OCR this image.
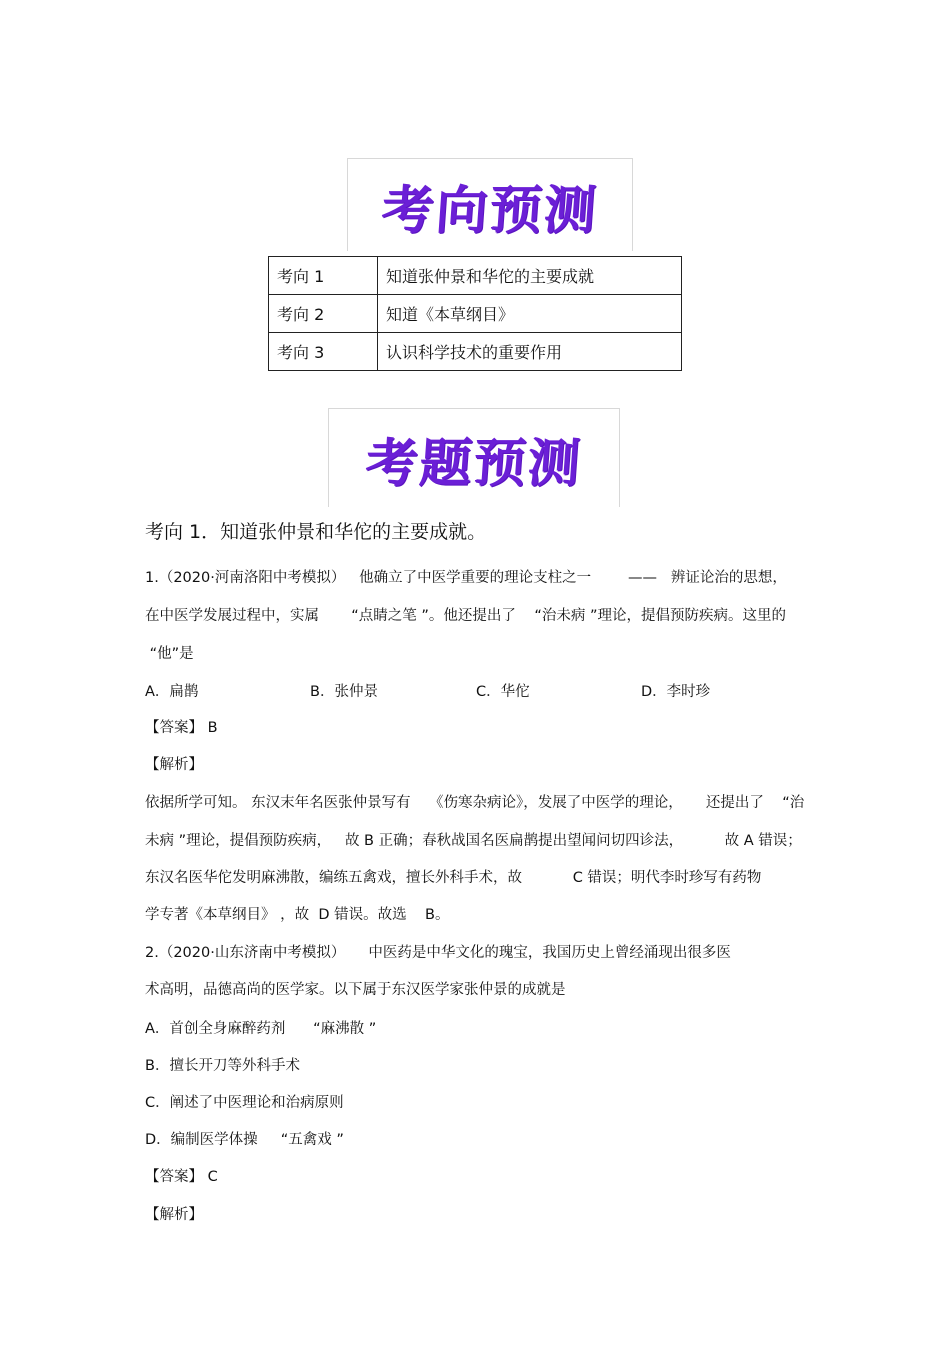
考向预测
考向 1	知道张仲景和华佗的主要成就
考向 2	知道《本草纲目》
考向 3	认识科学技术的重要作用
考题预测
考向 1．知道张仲景和华佗的主要成就。
1.（2020·河南洛阳中考模拟）   他确立了中医学重要的理论支柱之一        ——   辨证论治的思想，
在中医学发展过程中，实属       “点睛之笔 ”。他还提出了    “治未病 ”理论，提倡预防疾病。这里的
“他”是
A．扁鹊	B．张仲景	C．华佗	D．李时珍
【答案】 B
【解析】
依据所学可知。 东汉末年名医张仲景写有    《伤寒杂病论》，发展了中医学的理论，     还提出了    “治
未病 ”理论，提倡预防疾病，   故 B 正确；春秋战国名医扁鹊提出望闻问切四诊法，         故 A 错误；
东汉名医华佗发明麻沸散，编练五禽戏，擅长外科手术，故           C 错误；明代李时珍写有药物
学专著《本草纲目》 ，故  D 错误。故选    B。
2.（2020·山东济南中考模拟）     中医药是中华文化的瑰宝，我国历史上曾经涌现出很多医
术高明，品德高尚的医学家。以下属于东汉医学家张仲景的成就是
A．首创全身麻醉药剂      “麻沸散 ”
B．擅长开刀等外科手术
C．阐述了中医理论和治病原则
D．编制医学体操     “五禽戏 ”
【答案】 C
【解析】
